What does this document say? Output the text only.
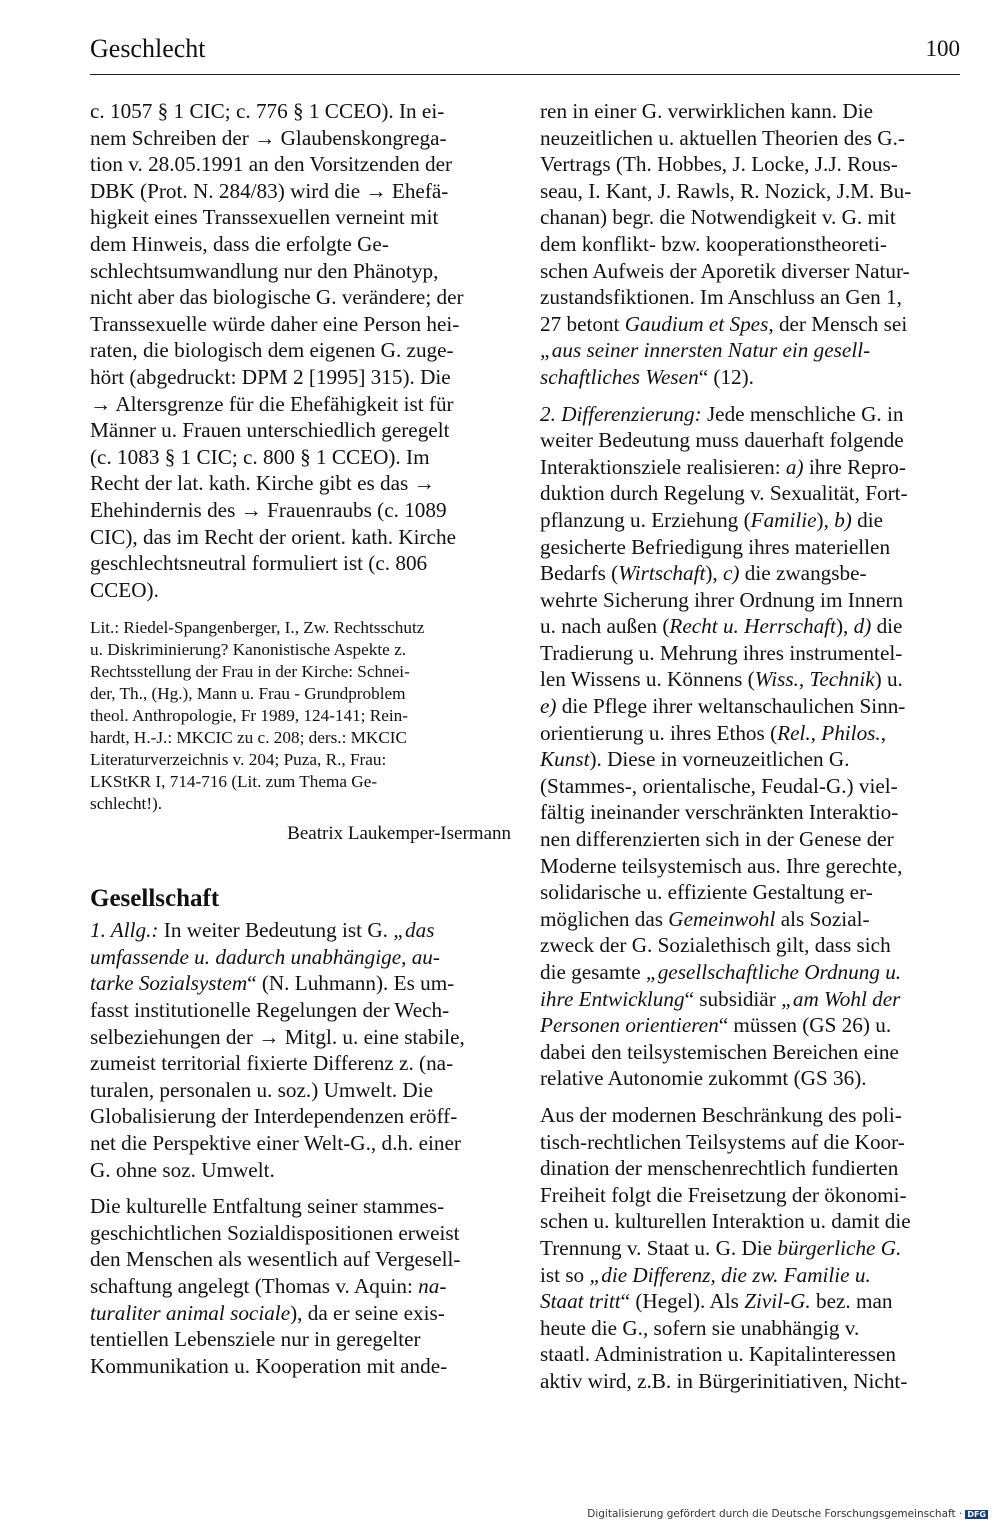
Geschlecht	100

c. 1057 § 1 CIC; c. 776 § 1 CCEO). In ei-
nem Schreiben der → Glaubenskongrega-
tion v. 28.05.1991 an den Vorsitzenden der
DBK (Prot. N. 284/83) wird die → Ehefä-
higkeit eines Transsexuellen verneint mit
dem Hinweis, dass die erfolgte Ge-
schlechtsumwandlung nur den Phänotyp,
nicht aber das biologische G. verändere; der
Transsexuelle würde daher eine Person hei-
raten, die biologisch dem eigenen G. zuge-
hört (abgedruckt: DPM 2 [1995] 315). Die
→ Altersgrenze für die Ehefähigkeit ist für
Männer u. Frauen unterschiedlich geregelt
(c. 1083 § 1 CIC; c. 800 § 1 CCEO). Im
Recht der lat. kath. Kirche gibt es das →
Ehehindernis des → Frauenraubs (c. 1089
CIC), das im Recht der orient. kath. Kirche
geschlechtsneutral formuliert ist (c. 806
CCEO).

Lit.: Riedel-Spangenberger, I., Zw. Rechtsschutz
u. Diskriminierung? Kanonistische Aspekte z.
Rechtsstellung der Frau in der Kirche: Schnei-
der, Th., (Hg.), Mann u. Frau - Grundproblem
theol. Anthropologie, Fr 1989, 124-141; Rein-
hardt, H.-J.: MKCIC zu c. 208; ders.: MKCIC
Literaturverzeichnis v. 204; Puza, R., Frau:
LKStKR I, 714-716 (Lit. zum Thema Ge-
schlecht!).

Beatrix Laukemper-Isermann

Gesellschaft

1. Allg.: In weiter Bedeutung ist G. „das
umfassende u. dadurch unabhängige, au-
tarke Sozialsystem“ (N. Luhmann). Es um-
fasst institutionelle Regelungen der Wech-
selbeziehungen der → Mitgl. u. eine stabile,
zumeist territorial fixierte Differenz z. (na-
turalen, personalen u. soz.) Umwelt. Die
Globalisierung der Interdependenzen eröff-
net die Perspektive einer Welt-G., d.h. einer
G. ohne soz. Umwelt.

Die kulturelle Entfaltung seiner stammes-
geschichtlichen Sozialdispositionen erweist
den Menschen als wesentlich auf Vergesell-
schaftung angelegt (Thomas v. Aquin: na-
turaliter animal sociale), da er seine exis-
tentiellen Lebensziele nur in geregelter
Kommunikation u. Kooperation mit ande-

ren in einer G. verwirklichen kann. Die
neuzeitlichen u. aktuellen Theorien des G.-
Vertrags (Th. Hobbes, J. Locke, J.J. Rous-
seau, I. Kant, J. Rawls, R. Nozick, J.M. Bu-
chanan) begr. die Notwendigkeit v. G. mit
dem konflikt- bzw. kooperationstheoreti-
schen Aufweis der Aporetik diverser Natur-
zustandsfiktionen. Im Anschluss an Gen 1,
27 betont Gaudium et Spes, der Mensch sei
„aus seiner innersten Natur ein gesell-
schaftliches Wesen“ (12).

2. Differenzierung: Jede menschliche G. in
weiter Bedeutung muss dauerhaft folgende
Interaktionsziele realisieren: a) ihre Repro-
duktion durch Regelung v. Sexualität, Fort-
pflanzung u. Erziehung (Familie), b) die
gesicherte Befriedigung ihres materiellen
Bedarfs (Wirtschaft), c) die zwangsbe-
wehrte Sicherung ihrer Ordnung im Innern
u. nach außen (Recht u. Herrschaft), d) die
Tradierung u. Mehrung ihres instrumentel-
len Wissens u. Könnens (Wiss., Technik) u.
e) die Pflege ihrer weltanschaulichen Sinn-
orientierung u. ihres Ethos (Rel., Philos.,
Kunst). Diese in vorneuzeitlichen G.
(Stammes-, orientalische, Feudal-G.) viel-
fältig ineinander verschränkten Interaktio-
nen differenzierten sich in der Genese der
Moderne teilsystemisch aus. Ihre gerechte,
solidarische u. effiziente Gestaltung er-
möglichen das Gemeinwohl als Sozial-
zweck der G. Sozialethisch gilt, dass sich
die gesamte „gesellschaftliche Ordnung u.
ihre Entwicklung“ subsidiär „am Wohl der
Personen orientieren“ müssen (GS 26) u.
dabei den teilsystemischen Bereichen eine
relative Autonomie zukommt (GS 36).

Aus der modernen Beschränkung des poli-
tisch-rechtlichen Teilsystems auf die Koor-
dination der menschenrechtlich fundierten
Freiheit folgt die Freisetzung der ökonomi-
schen u. kulturellen Interaktion u. damit die
Trennung v. Staat u. G. Die bürgerliche G.
ist so „die Differenz, die zw. Familie u.
Staat tritt“ (Hegel). Als Zivil-G. bez. man
heute die G., sofern sie unabhängig v.
staatl. Administration u. Kapitalinteressen
aktiv wird, z.B. in Bürgerinitiativen, Nicht-

Digitalisierung gefördert durch die Deutsche Forschungsgemeinschaft · DFG
